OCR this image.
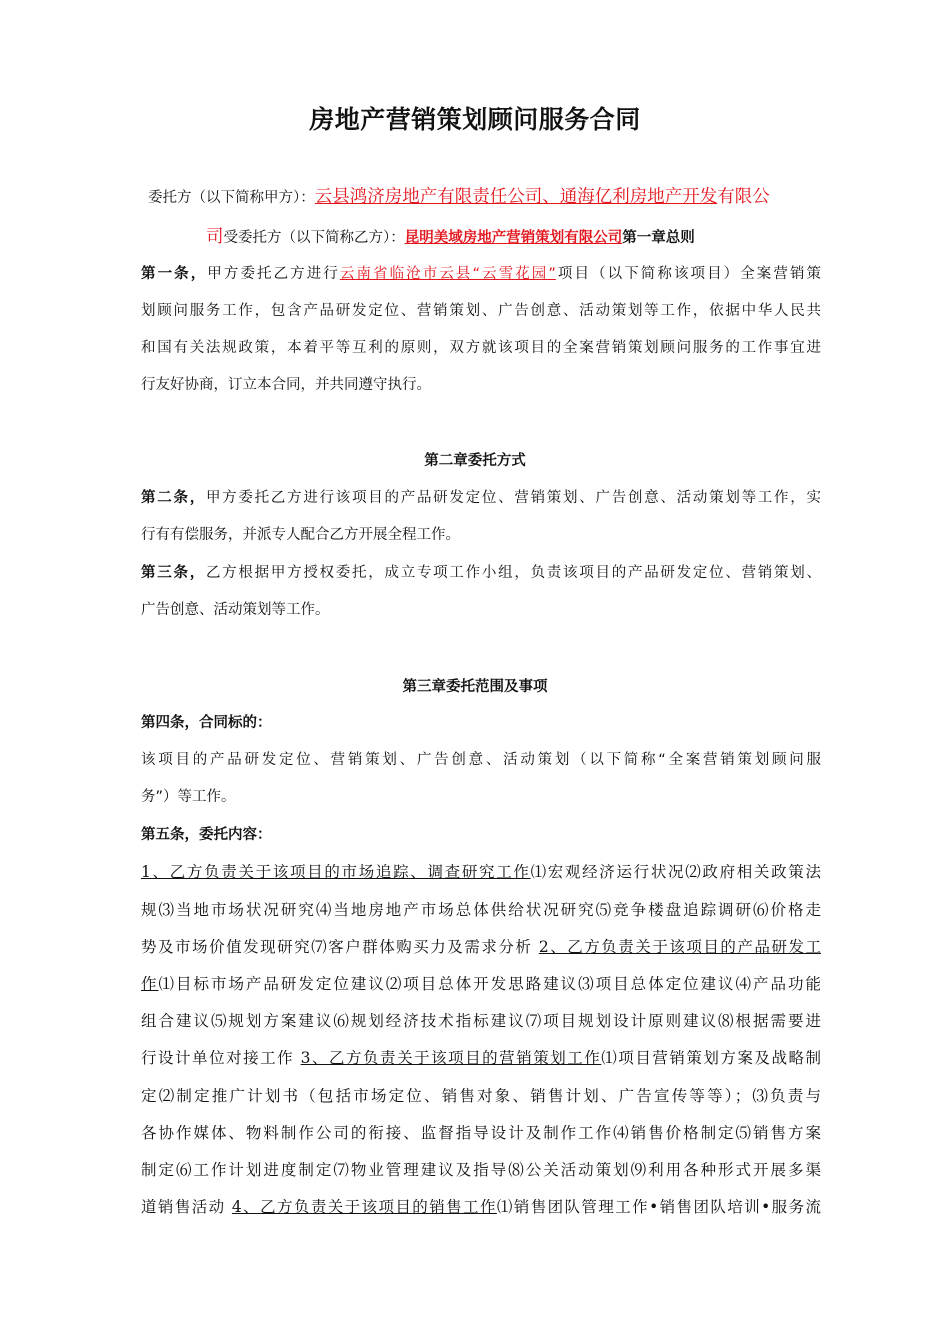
房地产营销策划顾问服务合同
委托方（以下简称甲方）：云县鸿济房地产有限责任公司、通海亿利房地产开发有限公
司受委托方（以下简称乙方）：昆明美域房地产营销策划有限公司第一章总则
第一条，甲方委托乙方进行云南省临沧市云县“云雪花园”项目（以下简称该项目）全案营销策
划顾问服务工作，包含产品研发定位、营销策划、广告创意、活动策划等工作，依据中华人民共
和国有关法规政策，本着平等互利的原则，双方就该项目的全案营销策划顾问服务的工作事宜进
行友好协商，订立本合同，并共同遵守执行。
第二章委托方式
第二条，甲方委托乙方进行该项目的产品研发定位、营销策划、广告创意、活动策划等工作，实
行有有偿服务，并派专人配合乙方开展全程工作。
第三条，乙方根据甲方授权委托，成立专项工作小组，负责该项目的产品研发定位、营销策划、
广告创意、活动策划等工作。
第三章委托范围及事项
第四条，合同标的：
该项目的产品研发定位、营销策划、广告创意、活动策划（以下简称“全案营销策划顾问服
务”）等工作。
第五条，委托内容：
1、乙方负责关于该项目的市场追踪、调查研究工作⑴宏观经济运行状况⑵政府相关政策法
规⑶当地市场状况研究⑷当地房地产市场总体供给状况研究⑸竞争楼盘追踪调研⑹价格走
势及市场价值发现研究⑺客户群体购买力及需求分析 2、乙方负责关于该项目的产品研发工
作⑴目标市场产品研发定位建议⑵项目总体开发思路建议⑶项目总体定位建议⑷产品功能
组合建议⑸规划方案建议⑹规划经济技术指标建议⑺项目规划设计原则建议⑻根据需要进
行设计单位对接工作 3、乙方负责关于该项目的营销策划工作⑴项目营销策划方案及战略制
定⑵制定推广计划书（包括市场定位、销售对象、销售计划、广告宣传等等）；⑶负责与
各协作媒体、物料制作公司的衔接、监督指导设计及制作工作⑷销售价格制定⑸销售方案
制定⑹工作计划进度制定⑺物业管理建议及指导⑻公关活动策划⑼利用各种形式开展多渠
道销售活动 4、乙方负责关于该项目的销售工作⑴销售团队管理工作•销售团队培训•服务流
